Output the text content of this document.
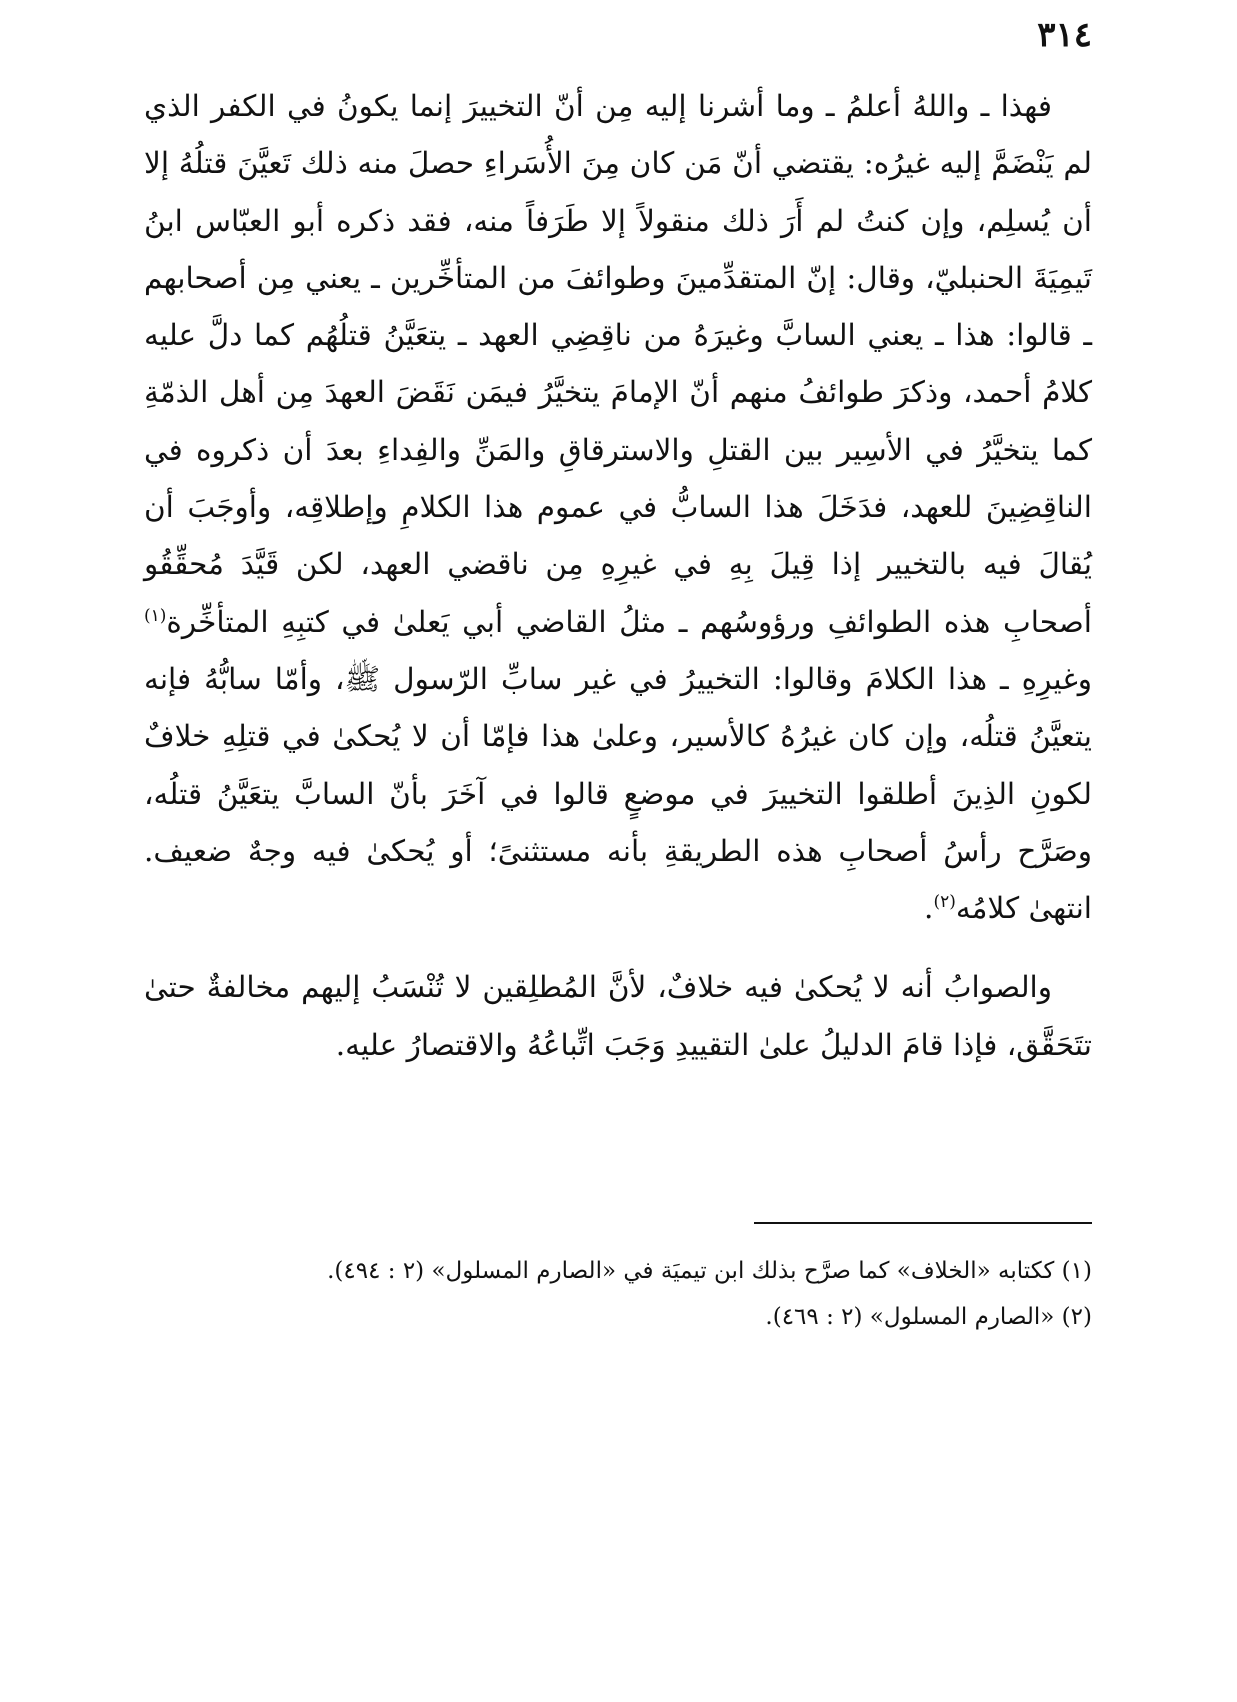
٣١٤

فهذا ـ واللهُ أعلمُ ـ وما أشرنا إليه مِن أنّ التخييرَ إنما يكونُ في الكفر الذي لم يَنْضَمَّ إليه غيرُه: يقتضي أنّ مَن كان مِنَ الأُسَراءِ حصلَ منه ذلك تَعيَّنَ قتلُهُ إلا أن يُسلِم، وإن كنتُ لم أَرَ ذلك منقولاً إلا طَرَفاً منه، فقد ذكره أبو العبّاس ابنُ تَيمِيَةَ الحنبليّ، وقال: إنّ المتقدِّمينَ وطوائفَ من المتأخِّرين ـ يعني مِن أصحابهم ـ قالوا: هذا ـ يعني السابَّ وغيرَهُ من ناقِضِي العهد ـ يتعَيَّنُ قتلُهُم كما دلَّ عليه كلامُ أحمد، وذكرَ طوائفُ منهم أنّ الإمامَ يتخيَّرُ فيمَن نَقَضَ العهدَ مِن أهل الذمّةِ كما يتخيَّرُ في الأسِير بين القتلِ والاسترقاقِ والمَنِّ والفِداءِ بعدَ أن ذكروه في الناقِضِينَ للعهد، فدَخَلَ هذا السابُّ في عموم هذا الكلامِ وإطلاقِه، وأوجَبَ أن يُقالَ فيه بالتخيير إذا قِيلَ بِهِ في غيرِهِ مِن ناقضي العهد، لكن قَيَّدَ مُحقِّقُو أصحابِ هذه الطوائفِ ورؤوسُهم ـ مثلُ القاضي أبي يَعلىٰ في كتبِهِ المتأخِّرة$^{(١)}$ وغيرِهِ ـ هذا الكلامَ وقالوا: التخييرُ في غير سابِّ الرّسول ﷺ، وأمّا سابُّهُ فإنه يتعيَّنُ قتلُه، وإن كان غيرُهُ كالأسير، وعلىٰ هذا فإمّا أن لا يُحكىٰ في قتلِهِ خلافٌ لكونِ الذِينَ أطلقوا التخييرَ في موضعٍ قالوا في آخَرَ بأنّ السابَّ يتعَيَّنُ قتلُه، وصَرَّح رأسُ أصحابِ هذه الطريقةِ بأنه مستثنىً؛ أو يُحكىٰ فيه وجهٌ ضعيف. انتهىٰ كلامُه$^{(٢)}$.

والصوابُ أنه لا يُحكىٰ فيه خلافٌ، لأنَّ المُطلِقين لا تُنْسَبُ إليهم مخالفةٌ حتىٰ تتَحَقَّق، فإذا قامَ الدليلُ علىٰ التقييدِ وَجَبَ اتِّباعُهُ والاقتصارُ عليه.

(١) ككتابه «الخلاف» كما صرَّح بذلك ابن تيميَة في «الصارم المسلول» (٢ : ٤٩٤).

(٢) «الصارم المسلول» (٢ : ٤٦٩).
